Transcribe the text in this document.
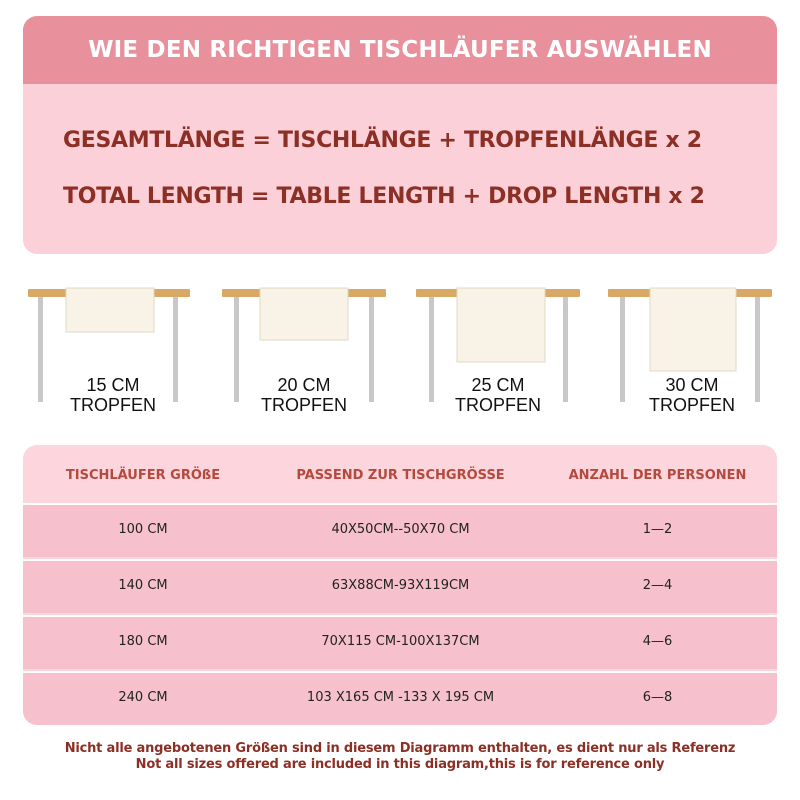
WIE DEN RICHTIGEN TISCHLÄUFER AUSWÄHLEN

GESAMTLÄNGE = TISCHLÄNGE + TROPFENLÄNGE x 2

TOTAL LENGTH = TABLE LENGTH + DROP LENGTH x 2

15 CM
TROPFEN
20 CM
TROPFEN
25 CM
TROPFEN
30 CM
TROPFEN
TISCHLÄUFER GRÖßE	PASSEND ZUR TISCHGRÖSSE	ANZAHL DER PERSONEN
100 CM	40X50CM--50X70 CM	1—2
140 CM	63X88CM-93X119CM	2—4
180 CM	70X115 CM-100X137CM	4—6
240 CM	103 X165 CM -133 X 195 CM	6—8

Nicht alle angebotenen Größen sind in diesem Diagramm enthalten, es dient nur als Referenz

Not all sizes offered are included in this diagram,this is for reference only
